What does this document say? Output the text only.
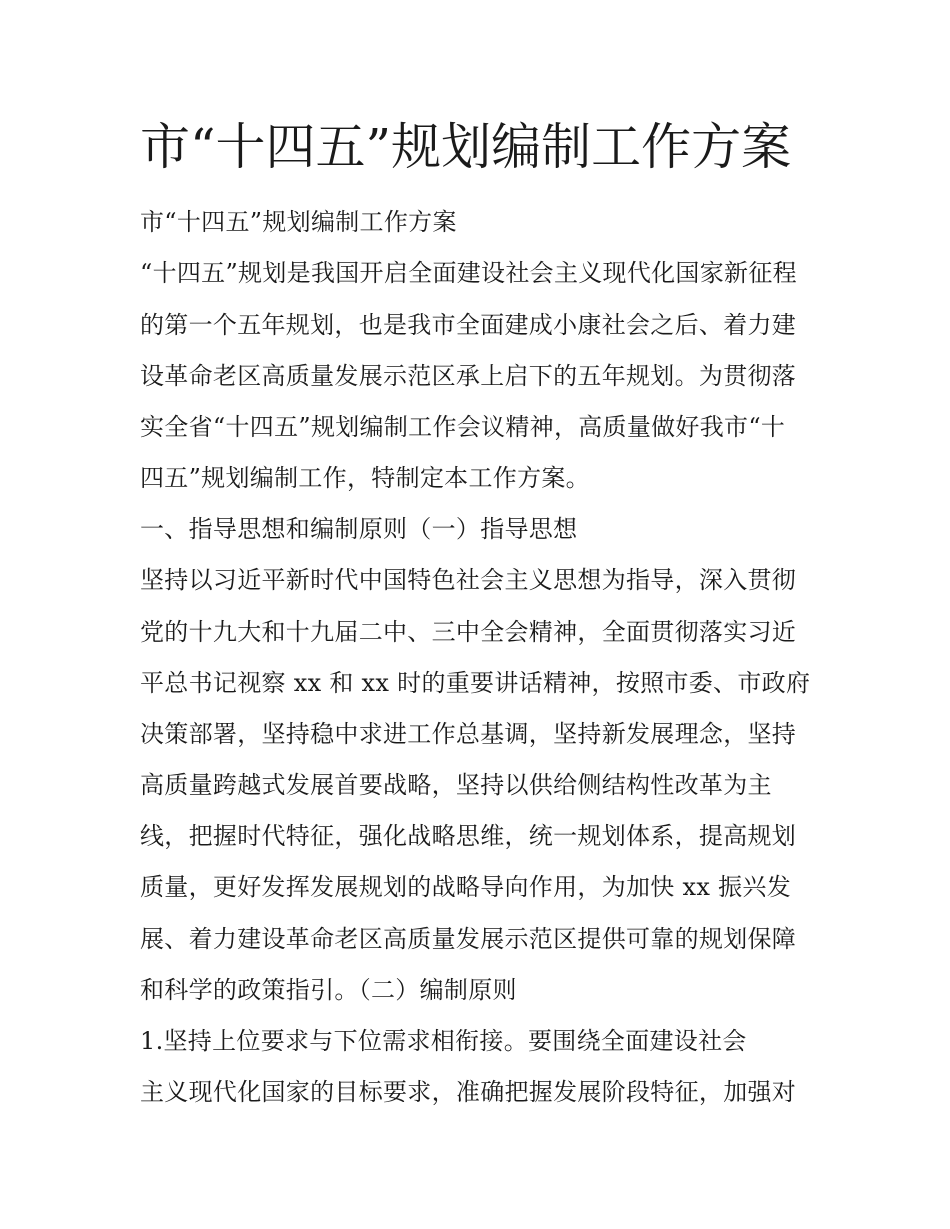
市“十四五”规划编制工作方案
市“十四五”规划编制工作方案
“十四五”规划是我国开启全面建设社会主义现代化国家新征程
的第一个五年规划，也是我市全面建成小康社会之后、着力建
设革命老区高质量发展示范区承上启下的五年规划。为贯彻落
实全省“十四五”规划编制工作会议精神，高质量做好我市“十
四五”规划编制工作，特制定本工作方案。
一、指导思想和编制原则（一）指导思想
坚持以习近平新时代中国特色社会主义思想为指导，深入贯彻
党的十九大和十九届二中、三中全会精神，全面贯彻落实习近
平总书记视察 xx 和 xx 时的重要讲话精神，按照市委、市政府
决策部署，坚持稳中求进工作总基调，坚持新发展理念，坚持
高质量跨越式发展首要战略，坚持以供给侧结构性改革为主
线，把握时代特征，强化战略思维，统一规划体系，提高规划
质量，更好发挥发展规划的战略导向作用，为加快 xx 振兴发
展、着力建设革命老区高质量发展示范区提供可靠的规划保障
和科学的政策指引。（二）编制原则
1.坚持上位要求与下位需求相衔接。要围绕全面建设社会
主义现代化国家的目标要求，准确把握发展阶段特征，加强对
